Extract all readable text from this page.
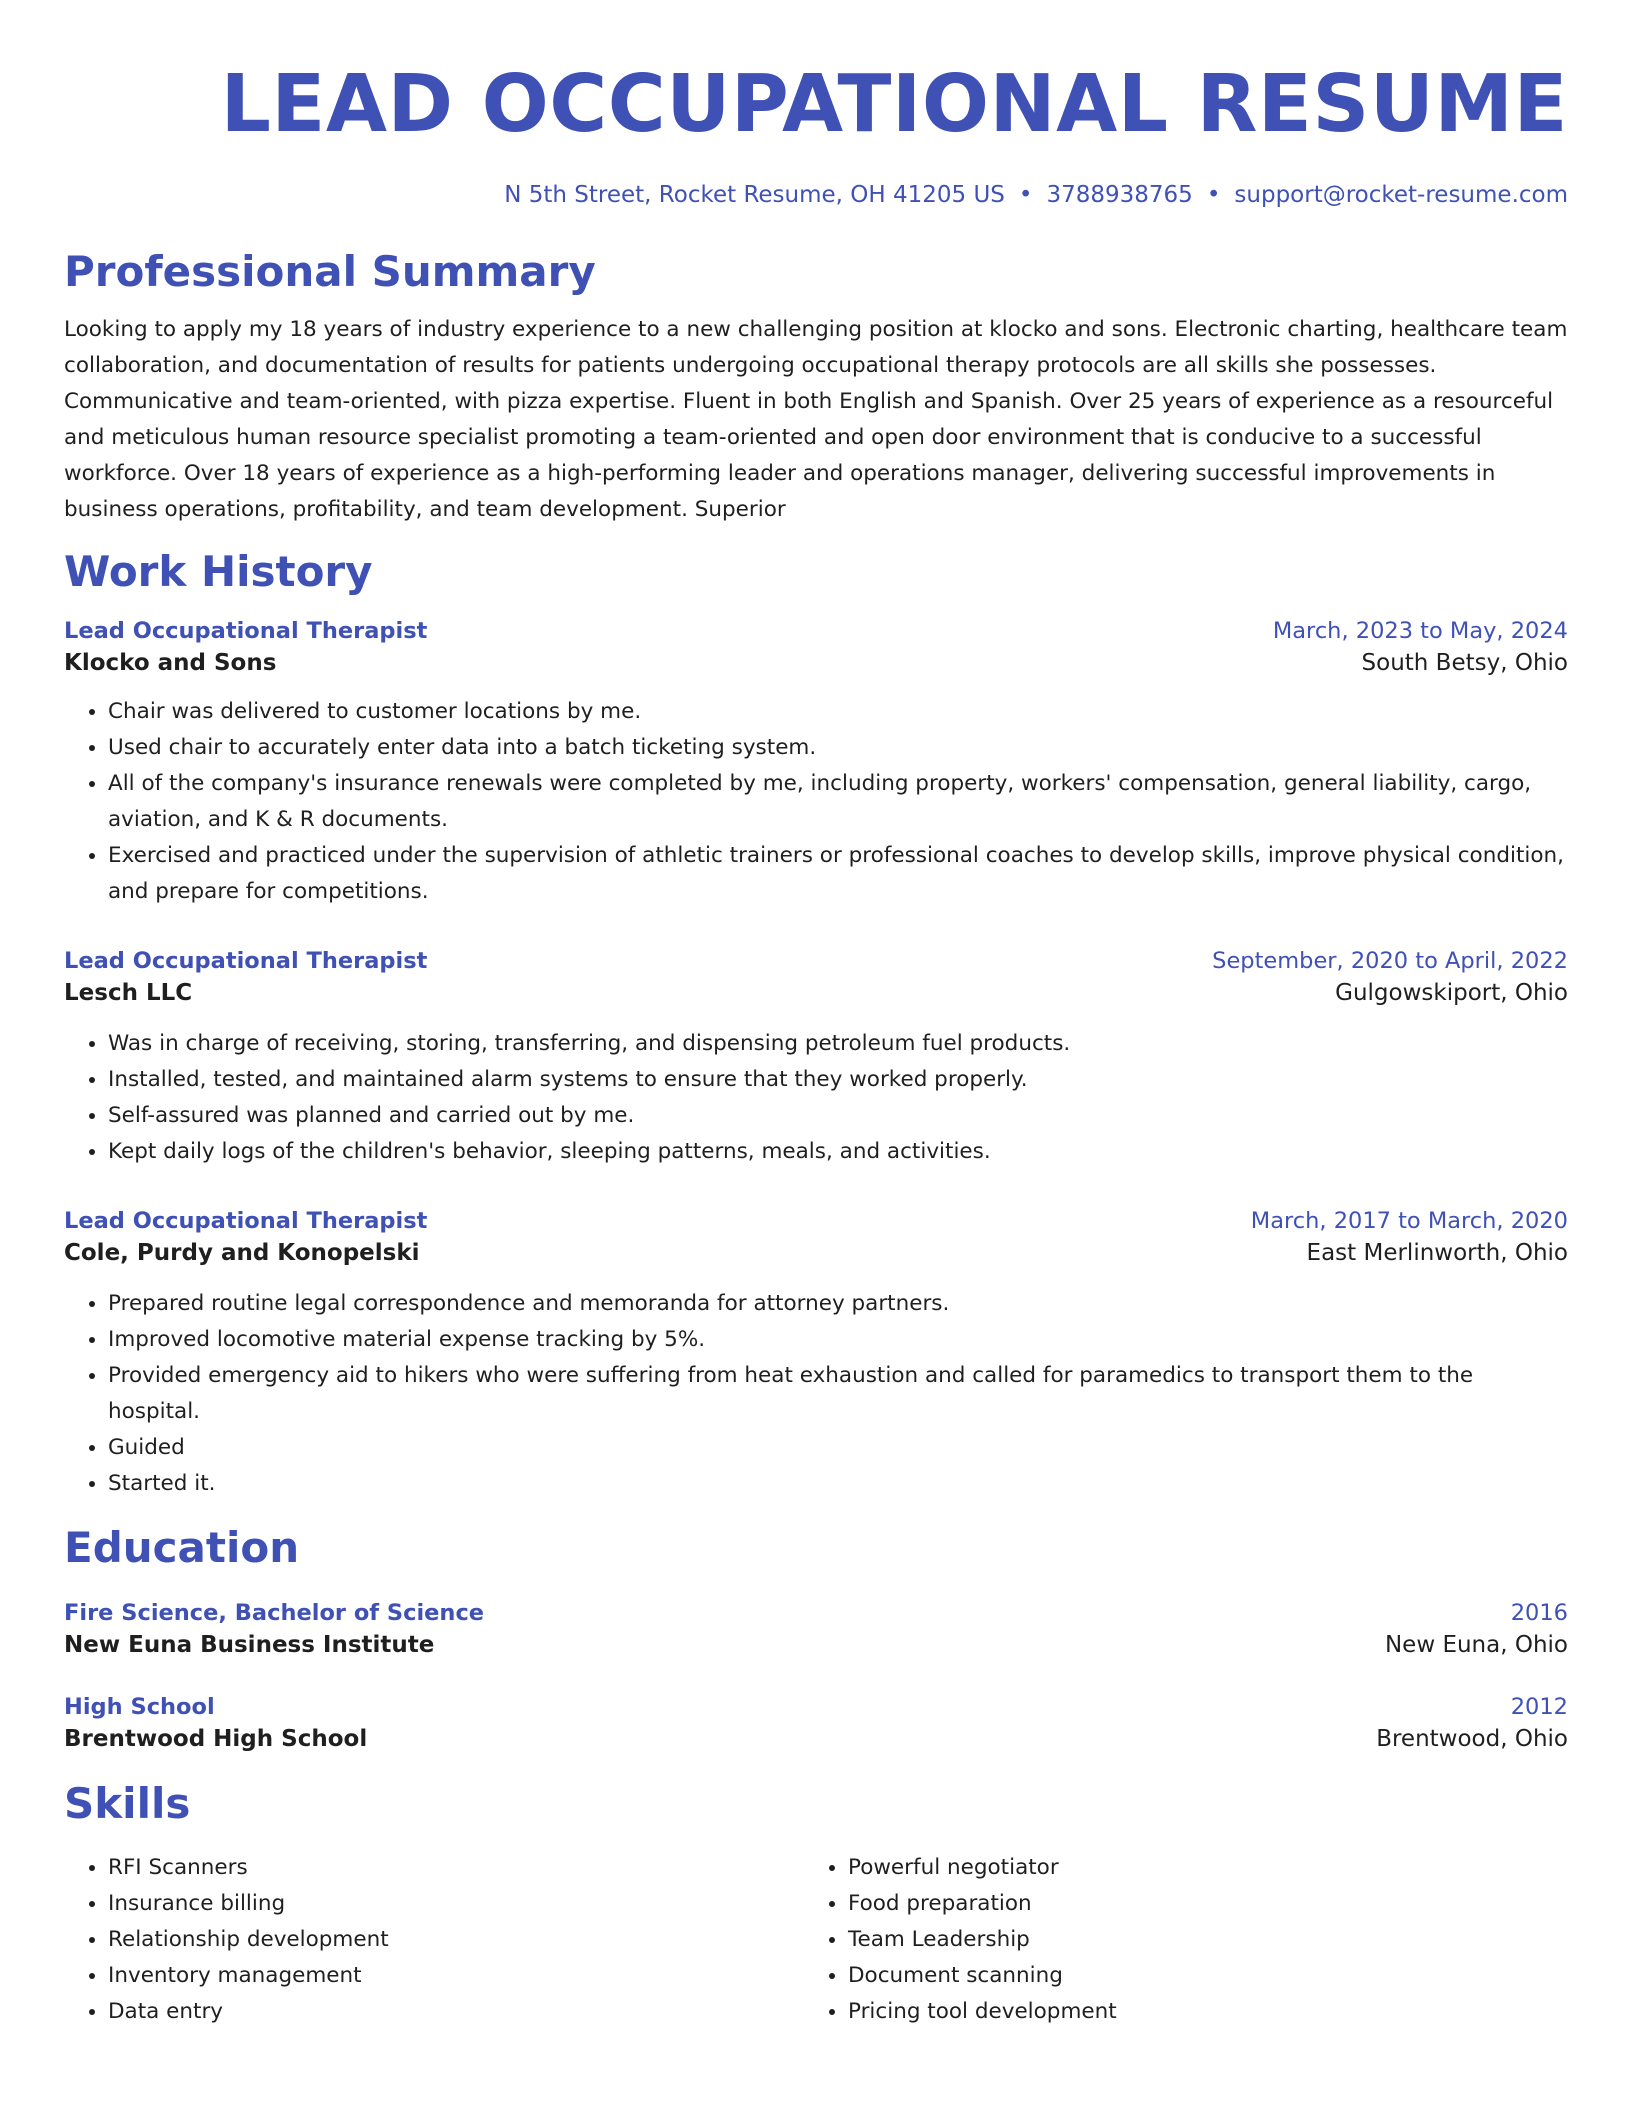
LEAD OCCUPATIONAL RESUME
N 5th Street, Rocket Resume, OH 41205 US • 3788938765 • support@rocket-resume.com
Professional Summary
Looking to apply my 18 years of industry experience to a new challenging position at klocko and sons. Electronic charting, healthcare team collaboration, and documentation of results for patients undergoing occupational therapy protocols are all skills she possesses. Communicative and team-oriented, with pizza expertise. Fluent in both English and Spanish. Over 25 years of experience as a resourceful and meticulous human resource specialist promoting a team-oriented and open door environment that is conducive to a successful workforce. Over 18 years of experience as a high-performing leader and operations manager, delivering successful improvements in business operations, profitability, and team development. Superior
Work History
Lead Occupational Therapist	March, 2023 to May, 2024
Klocko and Sons	South Betsy, Ohio
• Chair was delivered to customer locations by me.
• Used chair to accurately enter data into a batch ticketing system.
• All of the company's insurance renewals were completed by me, including property, workers' compensation, general liability, cargo, aviation, and K & R documents.
• Exercised and practiced under the supervision of athletic trainers or professional coaches to develop skills, improve physical condition, and prepare for competitions.
Lead Occupational Therapist	September, 2020 to April, 2022
Lesch LLC	Gulgowskiport, Ohio
• Was in charge of receiving, storing, transferring, and dispensing petroleum fuel products.
• Installed, tested, and maintained alarm systems to ensure that they worked properly.
• Self-assured was planned and carried out by me.
• Kept daily logs of the children's behavior, sleeping patterns, meals, and activities.
Lead Occupational Therapist	March, 2017 to March, 2020
Cole, Purdy and Konopelski	East Merlinworth, Ohio
• Prepared routine legal correspondence and memoranda for attorney partners.
• Improved locomotive material expense tracking by 5%.
• Provided emergency aid to hikers who were suffering from heat exhaustion and called for paramedics to transport them to the hospital.
• Guided
• Started it.
Education
Fire Science, Bachelor of Science	2016
New Euna Business Institute	New Euna, Ohio
High School	2012
Brentwood High School	Brentwood, Ohio
Skills
• RFI Scanners
• Insurance billing
• Relationship development
• Inventory management
• Data entry
• Powerful negotiator
• Food preparation
• Team Leadership
• Document scanning
• Pricing tool development
